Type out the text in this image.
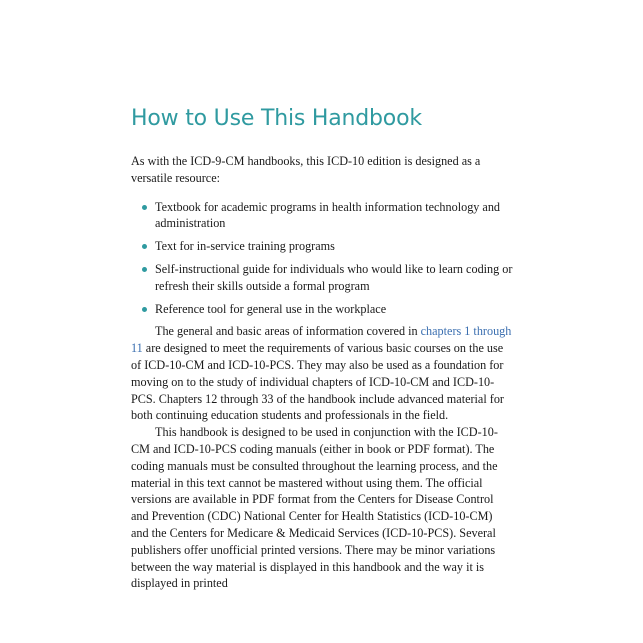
How to Use This Handbook

As with the ICD-9-CM handbooks, this ICD-10 edition is designed as a versatile resource:

Textbook for academic programs in health information technology and administration
Text for in-service training programs
Self-instructional guide for individuals who would like to learn coding or refresh their skills outside a formal program
Reference tool for general use in the workplace

The general and basic areas of information covered in chapters 1 through 11 are designed to meet the requirements of various basic courses on the use of ICD-10-CM and ICD-10-PCS. They may also be used as a foundation for moving on to the study of individual chapters of ICD-10-CM and ICD-10-PCS. Chapters 12 through 33 of the handbook include advanced material for both continuing education students and professionals in the field.

This handbook is designed to be used in conjunction with the ICD-10-CM and ICD-10-PCS coding manuals (either in book or PDF format). The coding manuals must be consulted throughout the learning process, and the material in this text cannot be mastered without using them. The official versions are available in PDF format from the Centers for Disease Control and Prevention (CDC) National Center for Health Statistics (ICD-10-CM) and the Centers for Medicare & Medicaid Services (ICD-10-PCS). Several publishers offer unofficial printed versions. There may be minor variations between the way material is displayed in this handbook and the way it is displayed in printed
